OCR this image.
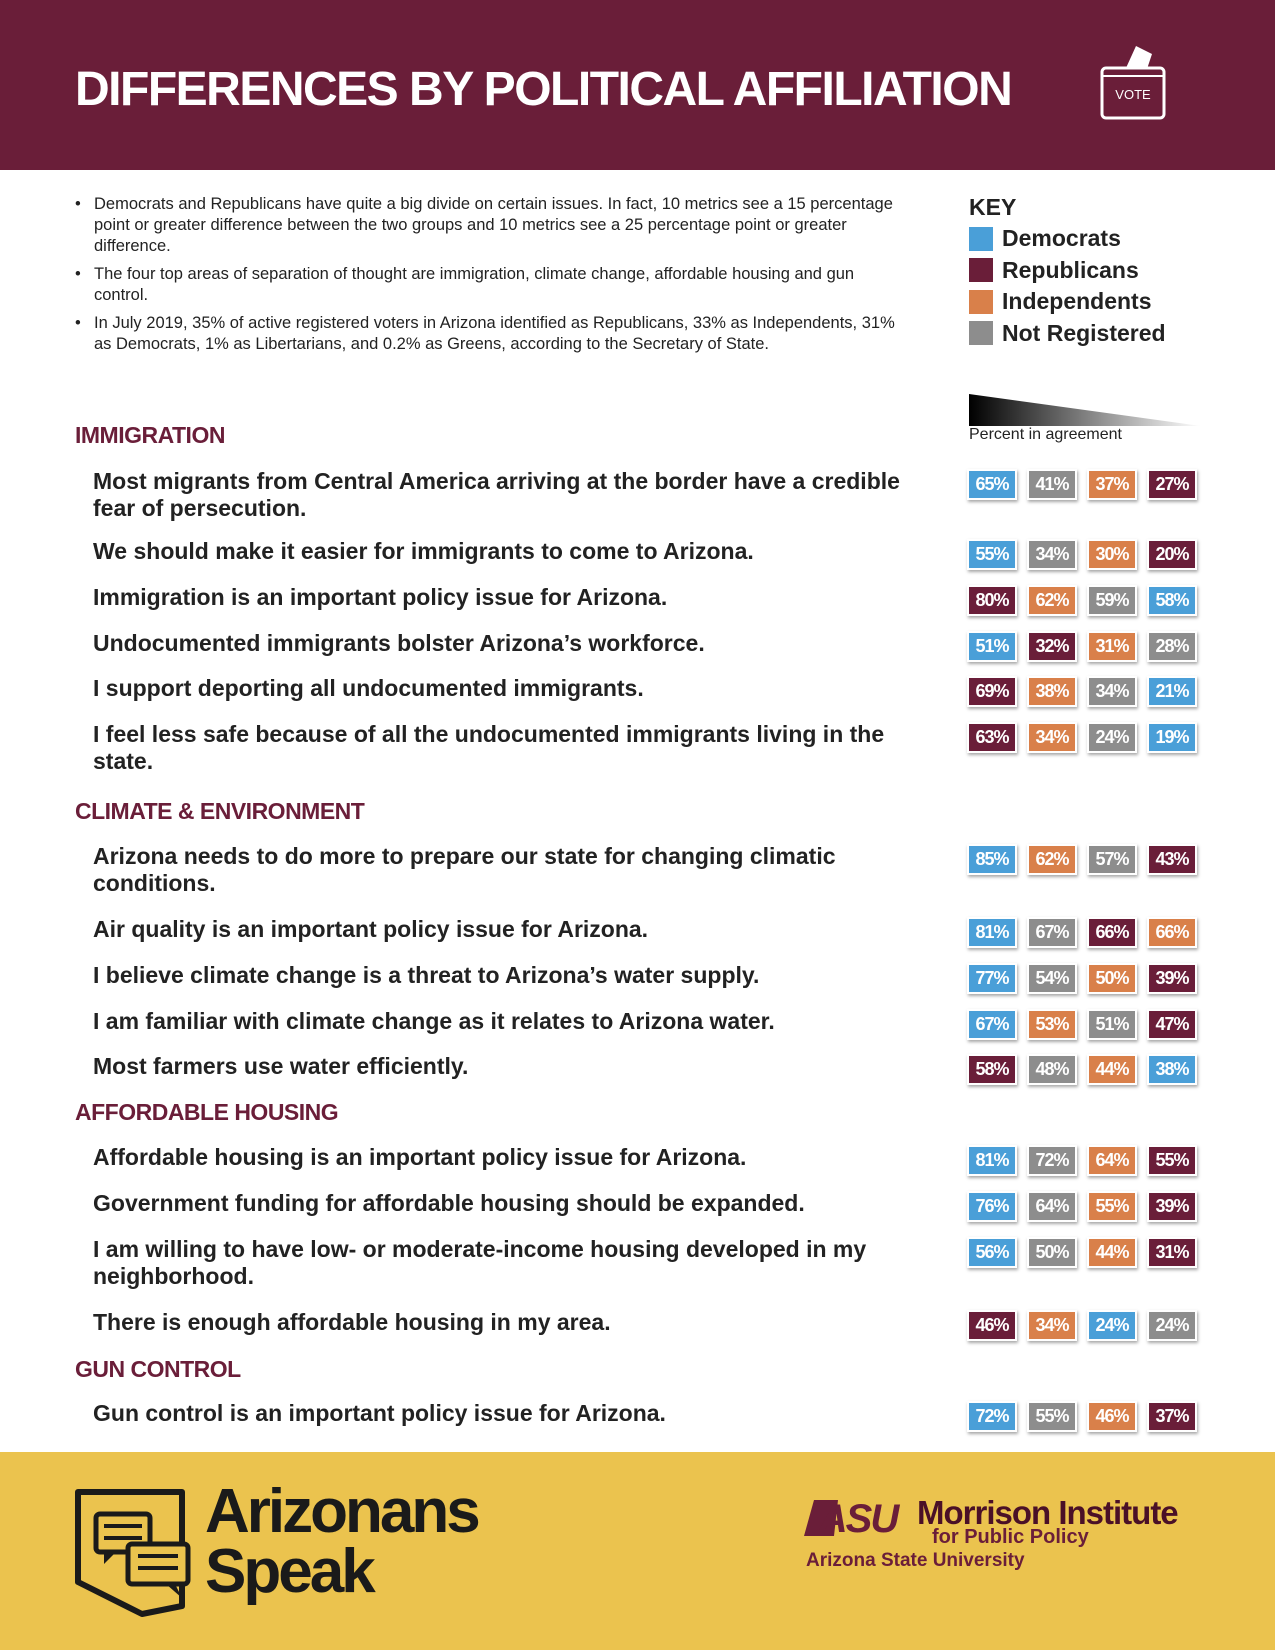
DIFFERENCES BY POLITICAL AFFILIATION	VOTE
• Democrats and Republicans have quite a big divide on certain issues. In fact, 10 metrics see a 15 percentage point or greater difference between the two groups and 10 metrics see a 25 percentage point or greater difference.
• The four top areas of separation of thought are immigration, climate change, affordable housing and gun control.
• In July 2019, 35% of active registered voters in Arizona identified as Republicans, 33% as Independents, 31% as Democrats, 1% as Libertarians, and 0.2% as Greens, according to the Secretary of State.
KEY
Democrats
Republicans
Independents
Not Registered
Percent in agreement
IMMIGRATION
Most migrants from Central America arriving at the border have a credible fear of persecution.
65%	41%	37%	27%
We should make it easier for immigrants to come to Arizona.	55%	34%	30%	20%
Immigration is an important policy issue for Arizona.	80%	62%	59%	58%
Undocumented immigrants bolster Arizona’s workforce.	51%	32%	31%	28%
I support deporting all undocumented immigrants.	69%	38%	34%	21%
I feel less safe because of all the undocumented immigrants living in the state.
63%	34%	24%	19%
CLIMATE & ENVIRONMENT
Arizona needs to do more to prepare our state for changing climatic conditions.
85%	62%	57%	43%
Air quality is an important policy issue for Arizona.	81%	67%	66%	66%
I believe climate change is a threat to Arizona’s water supply.	77%	54%	50%	39%
I am familiar with climate change as it relates to Arizona water.	67%	53%	51%	47%
Most farmers use water efficiently.	58%	48%	44%	38%
AFFORDABLE HOUSING
Affordable housing is an important policy issue for Arizona.	81%	72%	64%	55%
Government funding for affordable housing should be expanded.	76%	64%	55%	39%
I am willing to have low- or moderate-income housing developed in my neighborhood.
56%	50%	44%	31%
There is enough affordable housing in my area.	46%	34%	24%	24%
GUN CONTROL
Gun control is an important policy issue for Arizona.	72%	55%	46%	37%
Arizonans
Speak
ASU Morrison Institute
for Public Policy
Arizona State University
